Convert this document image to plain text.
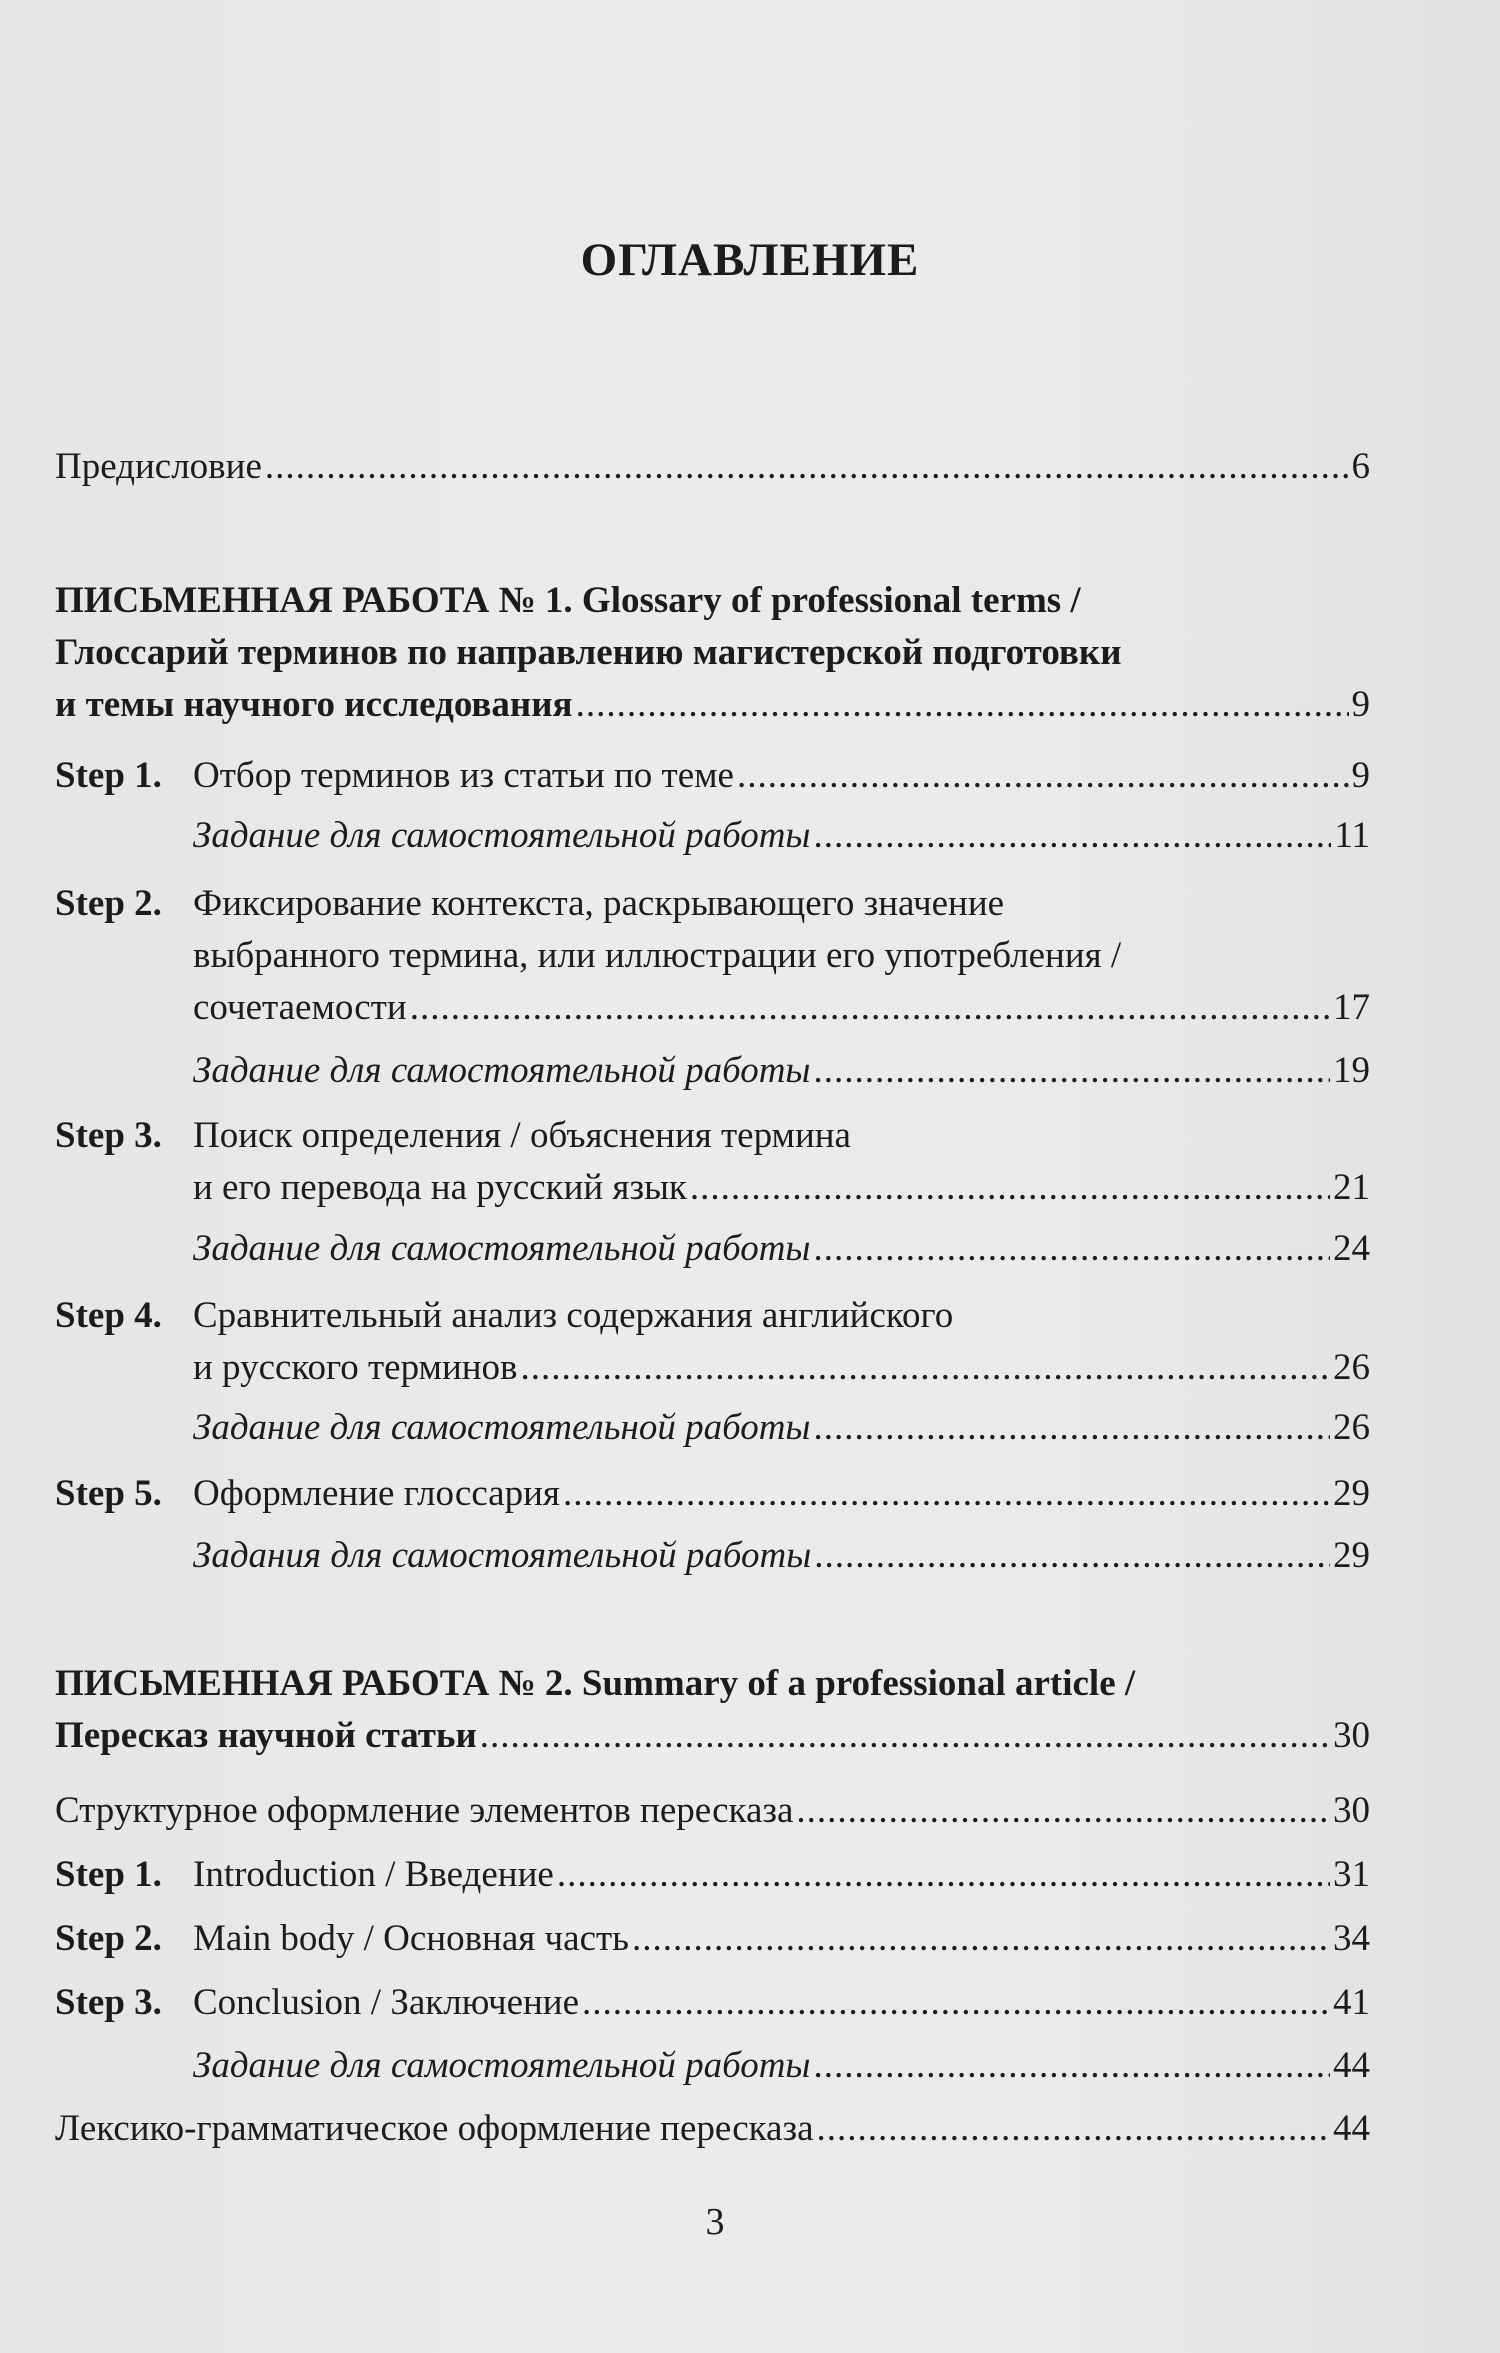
ОГЛАВЛЕНИЕ
Предисловие .....	6
ПИСЬМЕННАЯ РАБОТА № 1. Glossary of professional terms /
Глоссарий терминов по направлению магистерской подготовки
и темы научного исследования .....	9
Step 1. Отбор терминов из статьи по теме .....	9
Задание для самостоятельной работы .....	11
Step 2. Фиксирование контекста, раскрывающего значение
выбранного термина, или иллюстрации его употребления /
сочетаемости .....	17
Задание для самостоятельной работы .....	19
Step 3. Поиск определения / объяснения термина
и его перевода на русский язык .....	21
Задание для самостоятельной работы .....	24
Step 4. Сравнительный анализ содержания английского
и русского терминов .....	26
Задание для самостоятельной работы .....	26
Step 5. Оформление глоссария .....	29
Задания для самостоятельной работы .....	29
ПИСЬМЕННАЯ РАБОТА № 2. Summary of a professional article /
Пересказ научной статьи .....	30
Структурное оформление элементов пересказа .....	30
Step 1. Introduction / Введение .....	31
Step 2. Main body / Основная часть .....	34
Step 3. Conclusion / Заключение .....	41
Задание для самостоятельной работы .....	44
Лексико-грамматическое оформление пересказа .....	44
3
